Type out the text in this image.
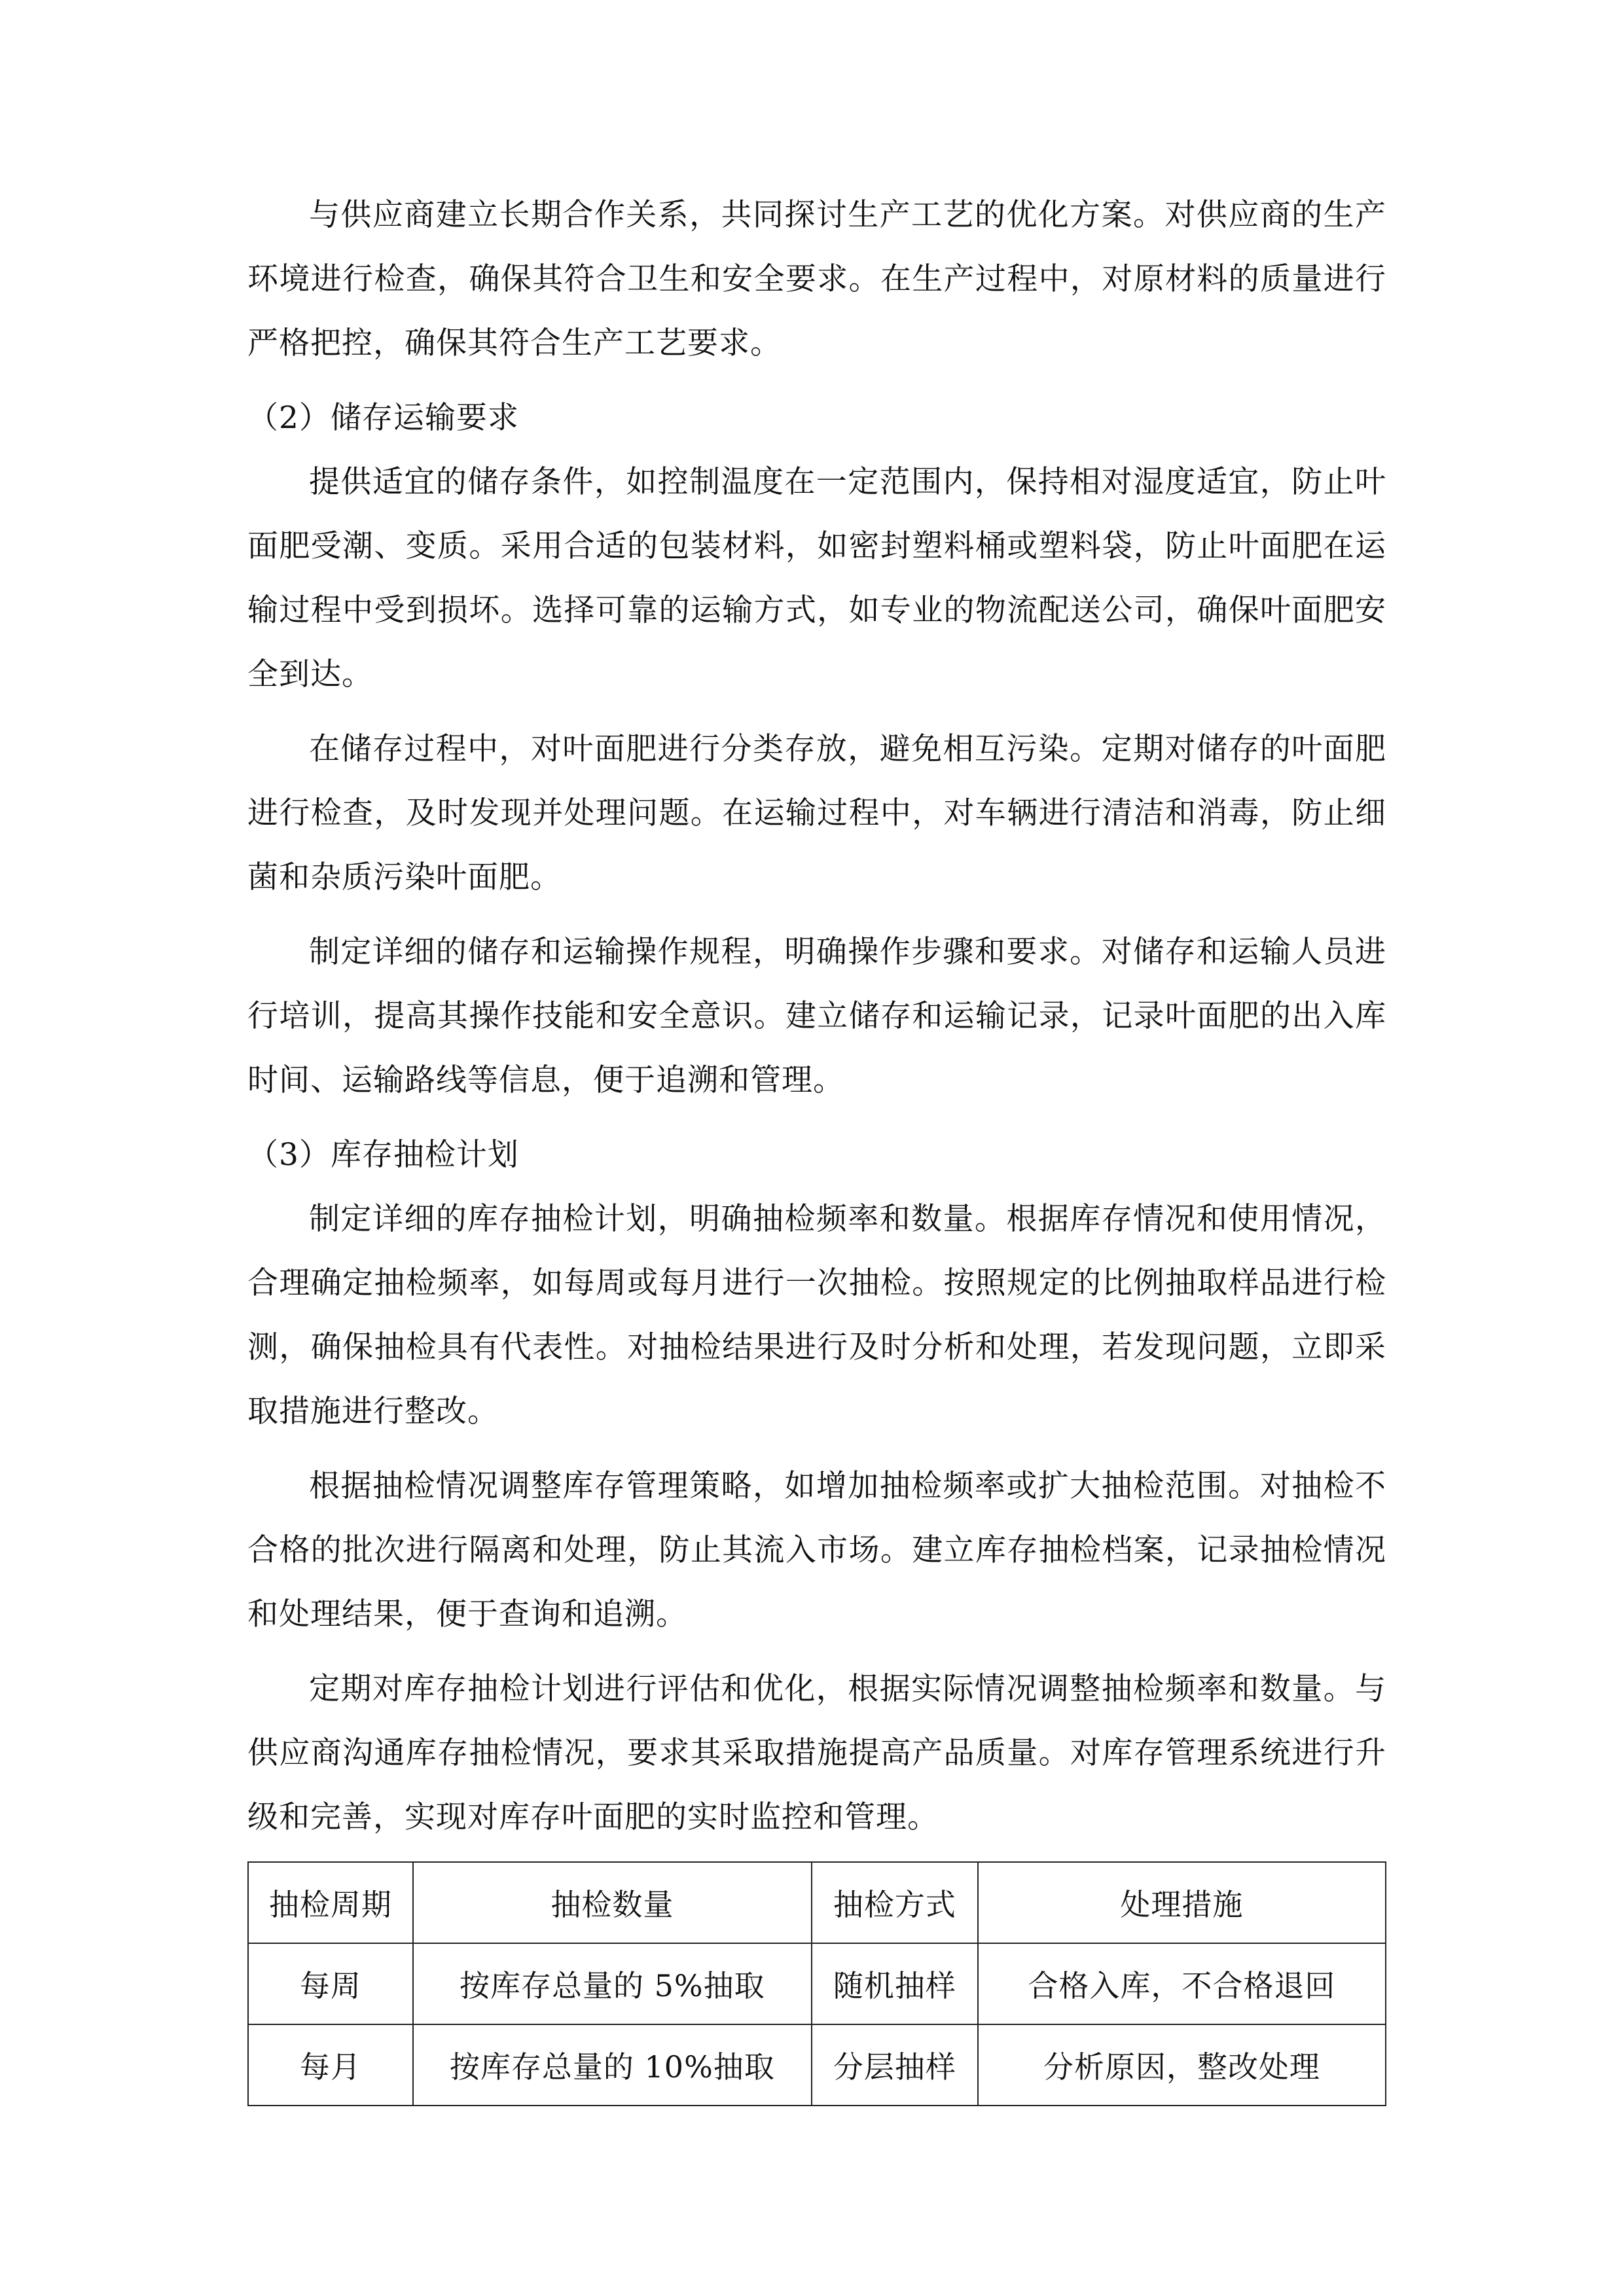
与供应商建立长期合作关系，共同探讨生产工艺的优化方案。对供应商的生产环境进行检查，确保其符合卫生和安全要求。在生产过程中，对原材料的质量进行严格把控，确保其符合生产工艺要求。

（2）储存运输要求

提供适宜的储存条件，如控制温度在一定范围内，保持相对湿度适宜，防止叶面肥受潮、变质。采用合适的包装材料，如密封塑料桶或塑料袋，防止叶面肥在运输过程中受到损坏。选择可靠的运输方式，如专业的物流配送公司，确保叶面肥安全到达。

在储存过程中，对叶面肥进行分类存放，避免相互污染。定期对储存的叶面肥进行检查，及时发现并处理问题。在运输过程中，对车辆进行清洁和消毒，防止细菌和杂质污染叶面肥。

制定详细的储存和运输操作规程，明确操作步骤和要求。对储存和运输人员进行培训，提高其操作技能和安全意识。建立储存和运输记录，记录叶面肥的出入库时间、运输路线等信息，便于追溯和管理。

（3）库存抽检计划

制定详细的库存抽检计划，明确抽检频率和数量。根据库存情况和使用情况，合理确定抽检频率，如每周或每月进行一次抽检。按照规定的比例抽取样品进行检测，确保抽检具有代表性。对抽检结果进行及时分析和处理，若发现问题，立即采取措施进行整改。

根据抽检情况调整库存管理策略，如增加抽检频率或扩大抽检范围。对抽检不合格的批次进行隔离和处理，防止其流入市场。建立库存抽检档案，记录抽检情况和处理结果，便于查询和追溯。

定期对库存抽检计划进行评估和优化，根据实际情况调整抽检频率和数量。与供应商沟通库存抽检情况，要求其采取措施提高产品质量。对库存管理系统进行升级和完善，实现对库存叶面肥的实时监控和管理。

抽检周期	抽检数量	抽检方式	处理措施
每周	按库存总量的 5%抽取	随机抽样	合格入库，不合格退回
每月	按库存总量的 10%抽取	分层抽样	分析原因，整改处理
